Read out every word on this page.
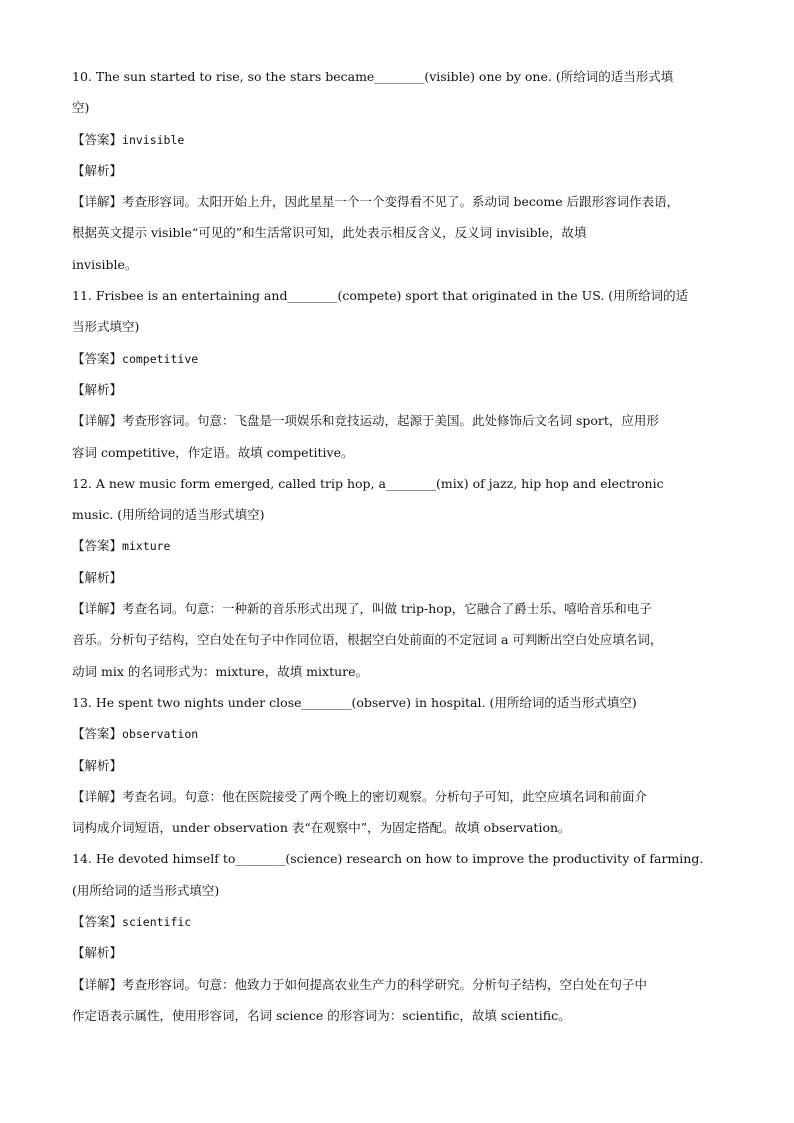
10. The sun started to rise, so the stars became________(visible) one by one. (所给词的适当形式填
空)
【答案】invisible
【解析】
【详解】考查形容词。太阳开始上升，因此星星一个一个变得看不见了。系动词 become 后跟形容词作表语，
根据英文提示 visible“可见的”和生活常识可知，此处表示相反含义，反义词 invisible，故填
invisible。
11. Frisbee is an entertaining and________(compete) sport that originated in the US. (用所给词的适
当形式填空)
【答案】competitive
【解析】
【详解】考查形容词。句意：飞盘是一项娱乐和竞技运动，起源于美国。此处修饰后文名词 sport，应用形
容词 competitive，作定语。故填 competitive。
12. A new music form emerged, called trip hop, a________(mix) of jazz, hip hop and electronic
music. (用所给词的适当形式填空)
【答案】mixture
【解析】
【详解】考查名词。句意：一种新的音乐形式出现了，叫做 trip-hop，它融合了爵士乐、嘻哈音乐和电子
音乐。分析句子结构，空白处在句子中作同位语，根据空白处前面的不定冠词 a 可判断出空白处应填名词，
动词 mix 的名词形式为：mixture，故填 mixture。
13. He spent two nights under close________(observe) in hospital. (用所给词的适当形式填空)
【答案】observation
【解析】
【详解】考查名词。句意：他在医院接受了两个晚上的密切观察。分析句子可知，此空应填名词和前面介
词构成介词短语，under observation 表“在观察中”，为固定搭配。故填 observation。
14. He devoted himself to________(science) research on how to improve the productivity of farming.
(用所给词的适当形式填空)
【答案】scientific
【解析】
【详解】考查形容词。句意：他致力于如何提高农业生产力的科学研究。分析句子结构，空白处在句子中
作定语表示属性，使用形容词，名词 science 的形容词为：scientific，故填 scientific。
